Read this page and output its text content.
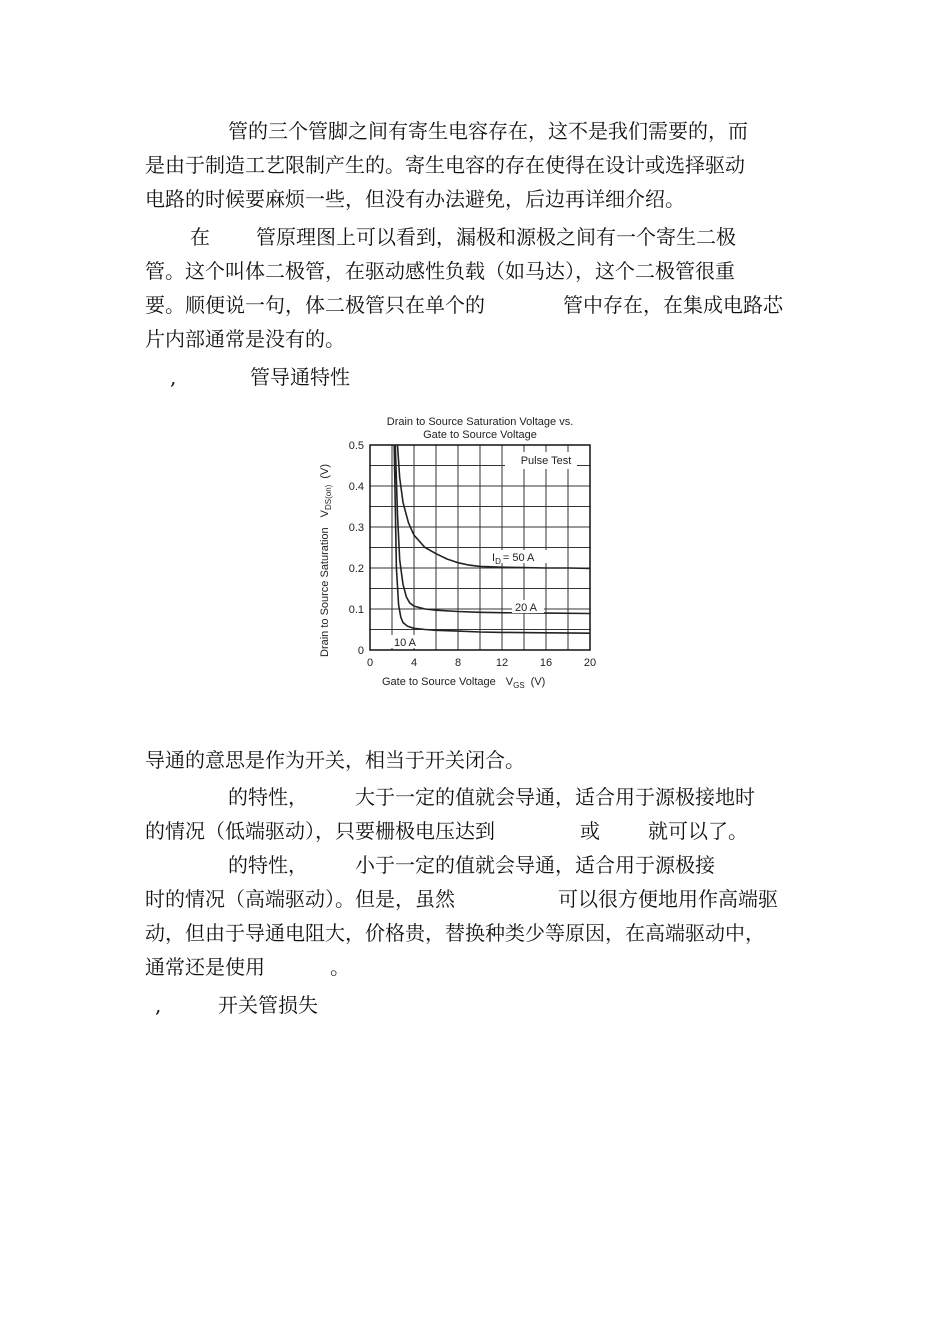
管的三个管脚之间有寄生电容存在，这不是我们需要的，而
是由于制造工艺限制产生的。寄生电容的存在使得在设计或选择驱动
电路的时候要麻烦一些，但没有办法避免，后边再详细介绍。
在 管原理图上可以看到，漏极和源极之间有一个寄生二极
管。这个叫体二极管，在驱动感性负载（如马达），这个二极管很重
要。顺便说一句，体二极管只在单个的	管中存在，在集成电路芯
片内部通常是没有的。
,	管导通特性
Drain to Source Saturation Voltage vs.
Gate to Source Voltage
0	4	8	12	16	20
0
0.1
0.2
0.3
0.4
0.5
Pulse Test
$I_D = 50$ A
20 A
10 A
Gate to Source Voltage $V_{GS}$ (V)
Drain to Source SaturationV$_{DS(on)}$(V)
导通的意思是作为开关，相当于开关闭合。
的特性， 大于一定的值就会导通，适合用于源极接地时
的情况（低端驱动），只要栅极电压达到	或 就可以了。
的特性， 小于一定的值就会导通，适合用于源极接
时的情况（高端驱动）。但是，虽然	可以很方便地用作高端驱
动，但由于导通电阻大，价格贵，替换种类少等原因，在高端驱动中，
通常还是使用	。
,	开关管损失
